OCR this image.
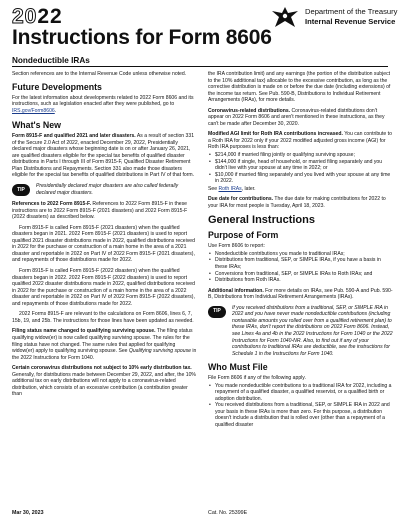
2022
Instructions for Form 8606
Nondeductible IRAs
Department of the Treasury
Internal Revenue Service

Section references are to the Internal Revenue Code unless otherwise noted.

Future Developments

For the latest information about developments related to 2022 Form 8606 and its instructions, such as legislation enacted after they were published, go to IRS.gov/Form8606.

What's New

Form 8915-F and qualified 2021 and later disasters. As a result of section 331 of the Secure 2.0 Act of 2022, enacted December 29, 2022, Presidentially declared major disasters whose beginning date is on or after January 26, 2021, are qualified disasters eligible for the special tax benefits of qualified disaster distributions in Parts I through III of Form 8915-F, Qualified Disaster Retirement Plan Distributions and Repayments. Section 331 also made those disasters eligible for the special tax benefits of qualified distributions in Part IV of that form.

TIP
Presidentially declared major disasters are also called federally declared major disasters.

References to 2022 Form 8915-F. References to 2022 Form 8915-F in these instructions are to 2022 Form 8915-F (2021 disasters) and 2022 Form 8915-F (2022 disasters) as described below.

Form 8915-F is called Form 8915-F (2021 disasters) when the qualified disasters began in 2021. 2022 Form 8915-F (2021 disasters) is used to report qualified 2021 disaster distributions made in 2022, qualified distributions received in 2022 for the purchase or construction of a main home in the area of a 2021 disaster and reportable in 2022 on Part IV of 2022 Form 8915-F (2021 disasters), and repayments of those distributions made for 2022.

Form 8915-F is called Form 8915-F (2022 disasters) when the qualified disasters began in 2022. 2022 Form 8915-F (2022 disasters) is used to report qualified 2022 disaster distributions made in 2022, qualified distributions received in 2022 for the purchase or construction of a main home in the area of a 2022 disaster and reportable in 2022 on Part IV of 2022 Form 8915-F (2022 disasters), and repayments of those distributions made for 2022.

2022 Forms 8915-F are relevant to the calculations on Form 8606, lines 6, 7, 15b, 19, and 25b. The instructions for those lines have been updated as needed.

Filing status name changed to qualifying surviving spouse. The filing status qualifying widow(er) is now called qualifying surviving spouse. The rules for the filing status have not changed. The same rules that applied for qualifying widow(er) apply to qualifying surviving spouse. See Qualifying surviving spouse in the 2022 Instructions for Form 1040.

Certain coronavirus distributions not subject to 10% early distribution tax. Generally, for distributions made between December 29, 2022, and after, the 10% additional tax on early distributions will not apply to a coronavirus-related distribution, which consists of an excessive contribution (a contribution greater than

the IRA contribution limit) and any earnings (the portion of the distribution subject to the 10% additional tax) allocable to the excessive contribution, as long as the corrective distribution is made on or before the due date (including extensions) of the income tax return. See Pub. 590-B, Distributions to Individual Retirement Arrangements (IRAs), for more details.

Coronavirus-related distributions. Coronavirus-related distributions don't appear on 2022 Form 8606 and aren't mentioned in these instructions, as they can't be made after December 30, 2020.

Modified AGI limit for Roth IRA contributions increased. You can contribute to a Roth IRA for 2022 only if your 2022 modified adjusted gross income (AGI) for Roth IRA purposes is less than:

• $214,000 if married filing jointly or qualifying surviving spouse;
• $144,000 if single, head of household, or married filing separately and you didn't live with your spouse at any time in 2022; or
• $10,000 if married filing separately and you lived with your spouse at any time in 2022.

See Roth IRAs, later.

Due date for contributions. The due date for making contributions for 2022 to your IRA for most people is Tuesday, April 18, 2023.

General Instructions
Purpose of Form

Use Form 8606 to report:

• Nondeductible contributions you made to traditional IRAs;
• Distributions from traditional, SEP, or SIMPLE IRAs, if you have a basis in these IRAs;
• Conversions from traditional, SEP, or SIMPLE IRAs to Roth IRAs; and
• Distributions from Roth IRAs.

Additional information. For more details on IRAs, see Pub. 590-A and Pub. 590-B, Distributions from Individual Retirement Arrangements (IRAs).

TIP
If you received distributions from a traditional, SEP, or SIMPLE IRA in 2022 and you have never made nondeductible contributions (including nontaxable amounts you rolled over from a qualified retirement plan) to these IRAs, don't report the distributions on 2022 Form 8606. Instead, see Lines 4a and 4b in the 2022 Instructions for Form 1040 or the 2022 Instructions for Form 1040-NR. Also, to find out if any of your contributions to traditional IRAs are deductible, see the instructions for Schedule 1 in the Instructions for Form 1040.
Who Must File

File Form 8606 if any of the following apply.

• You made nondeductible contributions to a traditional IRA for 2022, including a repayment of a qualified disaster, a qualified reservist, or a qualified birth or adoption distribution.
• You received distributions from a traditional, SEP, or SIMPLE IRA in 2022 and your basis in these IRAs is more than zero. For this purpose, a distribution doesn't include a distribution that is rolled over (other than a repayment of a qualified disaster
Mar 30, 2023	Cat. No. 25399E
